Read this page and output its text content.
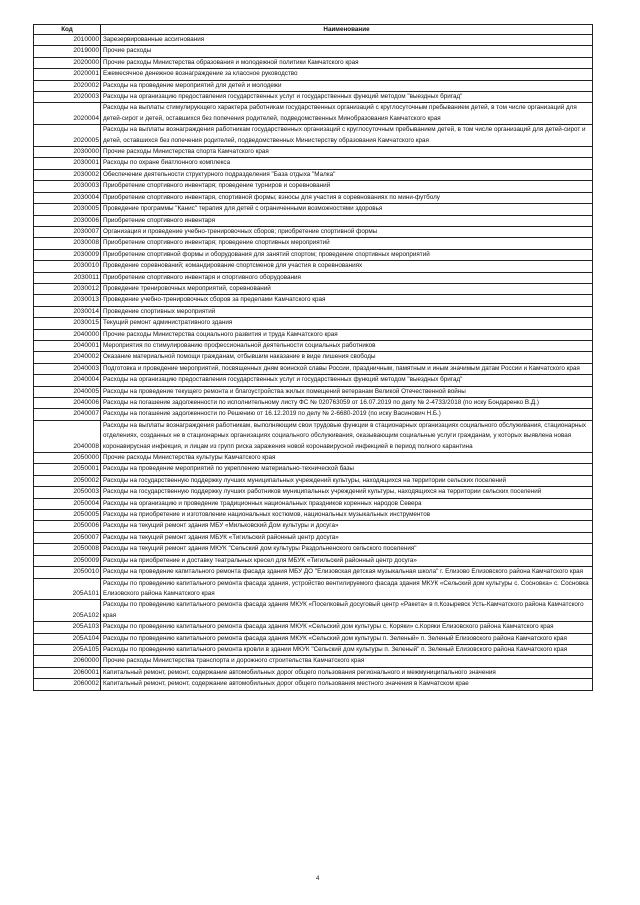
Код	Наименование
2010000	Зарезервированные ассигнования
2019000	Прочие расходы
2020000	Прочие расходы Министерства образования и молодежной политики Камчатского края
2020001	Ежемесячное денежное вознаграждение за классное руководство
2020002	Расходы на проведение мероприятий для детей и молодежи
2020003	Расходы на организацию предоставления государственных услуг и государственных функций методом "выездных бригад"
2020004	Расходы на выплаты стимулирующего характера работникам государственных организаций с круглосуточным пребыванием детей, в том числе организаций для детей-сирот и детей, оставшихся без попечения родителей, подведомственных Минобразования Камчатского края
2020005	Расходы на выплаты вознаграждения работникам государственных организаций с круглосуточным пребыванием детей, в том числе организаций для детей-сирот и детей, оставшихся без попечения родителей, подведомственных Министерству образования Камчатского края
2030000	Прочие расходы Министерства спорта Камчатского края
2030001	Расходы по охране биатлонного комплекса
2030002	Обеспечение деятельности структурного подразделения "База отдыха "Малка"
2030003	Приобретение спортивного инвентаря; проведение турниров и соревнований
2030004	Приобретение спортивного инвентаря, спортивной формы; взносы для участия в соревнованиях по мини-футболу
2030005	Проведение программы "Канис" терапия для детей с ограниченными возможностями здоровья
2030006	Приобретение спортивного инвентаря
2030007	Организация и проведение учебно-тренировочных сборов; приобретение спортивной формы
2030008	Приобретение спортивного инвентаря; проведение спортивных мероприятий
2030009	Приобретение спортивной формы и оборудования для занятий спортом; проведение спортивных мероприятий
2030010	Проведение соревнований; командирование спортсменов для участия в соревнованиях
2030011	Приобретение спортивного инвентаря и спортивного оборудования
2030012	Проведение тренировочных мероприятий, соревнований
2030013	Проведение учебно-тренировочных сборов за пределами Камчатского края
2030014	Проведение спортивных мероприятий
2030015	Текущий ремонт административного здания
2040000	Прочие расходы Министерства социального развития и труда Камчатского края
2040001	Мероприятия по стимулированию профессиональной деятельности социальных работников
2040002	Оказание материальной помощи гражданам, отбывшим наказание в виде лишения свободы
2040003	Подготовка и проведение мероприятий, посвященных дням воинской славы России, праздничным, памятным и иным значимым датам России и Камчатского края
2040004	Расходы на организацию предоставления государственных услуг и государственных функций методом "выездных бригад"
2040005	Расходы на проведение текущего ремонта и благоустройства жилых помещений ветеранам Великой Отечественной войны
2040006	Расходы на погашение задолженности по исполнительному листу ФС № 020763059 от 16.07.2019 по делу № 2-4733/2018 (по иску Бондаренко В.Д.)
2040007	Расходы на погашение задолженности по Решению от 16.12.2019 по делу № 2-6680-2019 (по иску Васинович Н.Б.)
2040008	Расходы на выплаты вознаграждения работникам, выполняющим свои трудовые функции в стационарных организациях социального обслуживания, стационарных отделениях, созданных не в стационарных организациях социального обслуживания, оказывающим социальные услуги гражданам, у которых выявлена новая коронавирусная инфекция, и лицам из групп риска заражения новой коронавирусной инфекцией в период полного карантина
2050000	Прочие расходы Министерства культуры Камчатского края
2050001	Расходы на проведение мероприятий по укреплению материально-технической базы
2050002	Расходы на государственную поддержку лучших муниципальных учреждений культуры, находящихся на территории сельских поселений
2050003	Расходы на государственную поддержку лучших работников муниципальных учреждений культуры, находящихся на территории сельских поселений
2050004	Расходы на организацию и проведение традиционных национальных праздников коренных народов Севера
2050005	Расходы на приобретение и изготовление национальных костюмов, национальных музыкальных инструментов
2050006	Расходы на текущий ремонт здания МБУ «Мильковский Дом культуры и досуга»
2050007	Расходы на текущий ремонт здания МБУК «Тигильский районный центр досуга»
2050008	Расходы на текущий ремонт здания МКУК "Сельский дом культуры Раздольненского сельского поселения"
2050009	Расходы на приобретение и доставку театральных кресел для МБУК «Тигильский районный центр досуга»
2050010	Расходы на проведение капитального ремонта фасада здания МБУ ДО "Елизовская детская музыкальная школа" г. Елизово Елизовского района Камчатского края
205A101	Расходы по проведению капитального ремонта фасада здания, устройство вентилируемого фасада здания МКУК «Сельский дом культуры с. Сосновка» с. Сосновка Елизовского района Камчатского края
205A102	Расходы по проведению капитального ремонта фасада здания МКУК «Поселковый досуговый центр «Ракета» в п.Козыревск Усть-Камчатского района Камчатского края
205A103	Расходы по проведению капитального ремонта фасада здания МКУК «Сельский дом культуры с. Коряки» с.Коряки Елизовского района Камчатского края
205A104	Расходы по проведению капитального ремонта фасада здания МКУК «Сельский дом культуры п. Зеленый» п. Зеленый Елизовского района Камчатского края
205A105	Расходы по проведению капитального ремонта кровли в здании МКУК "Сельский дом культуры п. Зеленый" п. Зеленый Елизовского района Камчатского края
2060000	Прочие расходы Министерства транспорта и дорожного строительства Камчатского края
2060001	Капитальный ремонт, ремонт, содержание автомобильных дорог общего пользования регионального и межмуниципального значения
2060002	Капитальный ремонт, ремонт, содержание автомобильных дорог общего пользования местного значения в Камчатском крае
4
